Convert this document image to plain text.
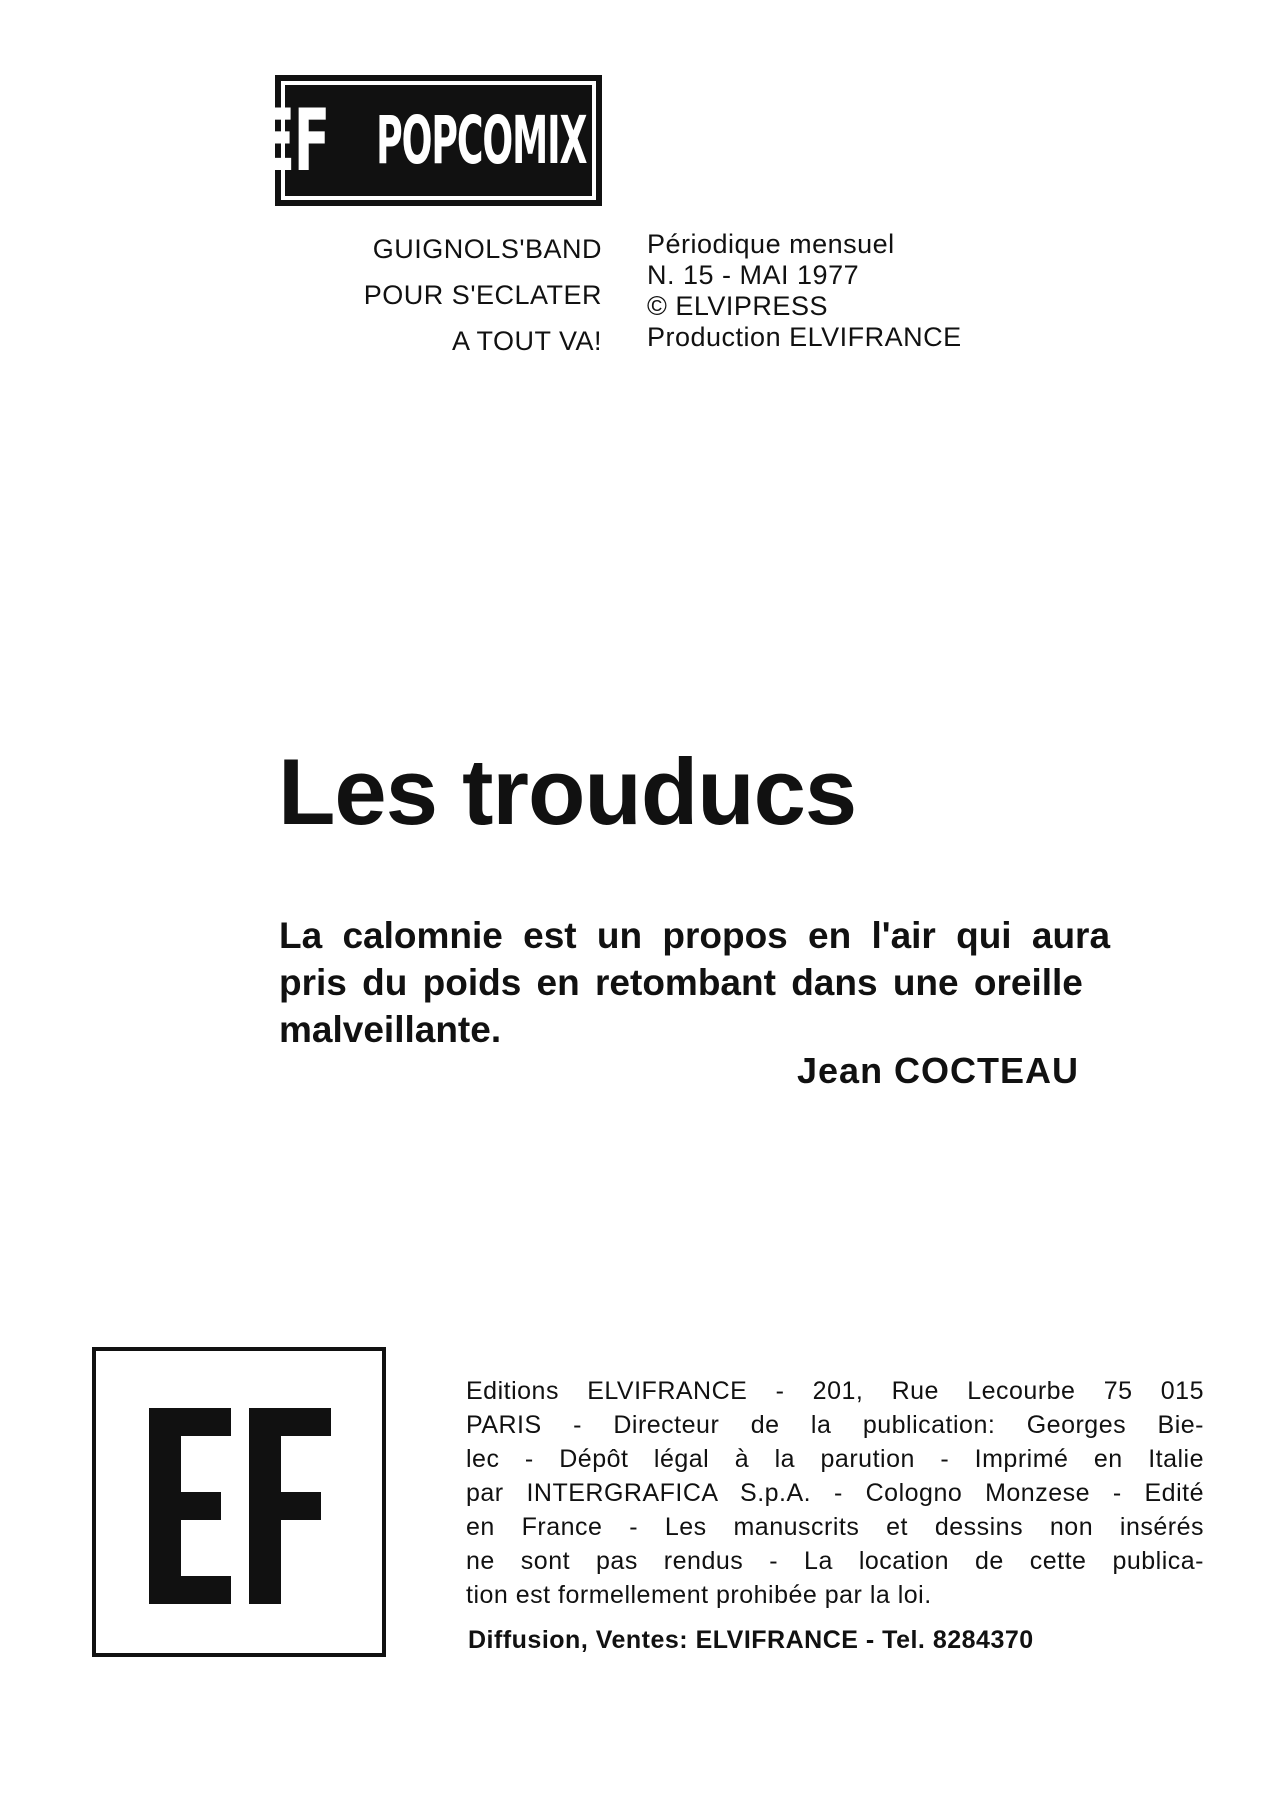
EF POPCOMIX
GUIGNOLS'BAND
POUR S'ECLATER
A TOUT VA!
Périodique mensuel
N. 15 - MAI 1977
© ELVIPRESS
Production ELVIFRANCE
Les trouducs
La calomnie est un propos en l'air qui aura
pris du poids en retombant dans une oreille
malveillante.
Jean COCTEAU
Editions ELVIFRANCE - 201, Rue Lecourbe 75 015
PARIS - Directeur de la publication: Georges Bie-
lec - Dépôt légal à la parution - Imprimé en Italie
par INTERGRAFICA S.p.A. - Cologno Monzese - Edité
en France - Les manuscrits et dessins non insérés
ne sont pas rendus - La location de cette publica-
tion est formellement prohibée par la loi.
Diffusion, Ventes: ELVIFRANCE - Tel. 8284370
